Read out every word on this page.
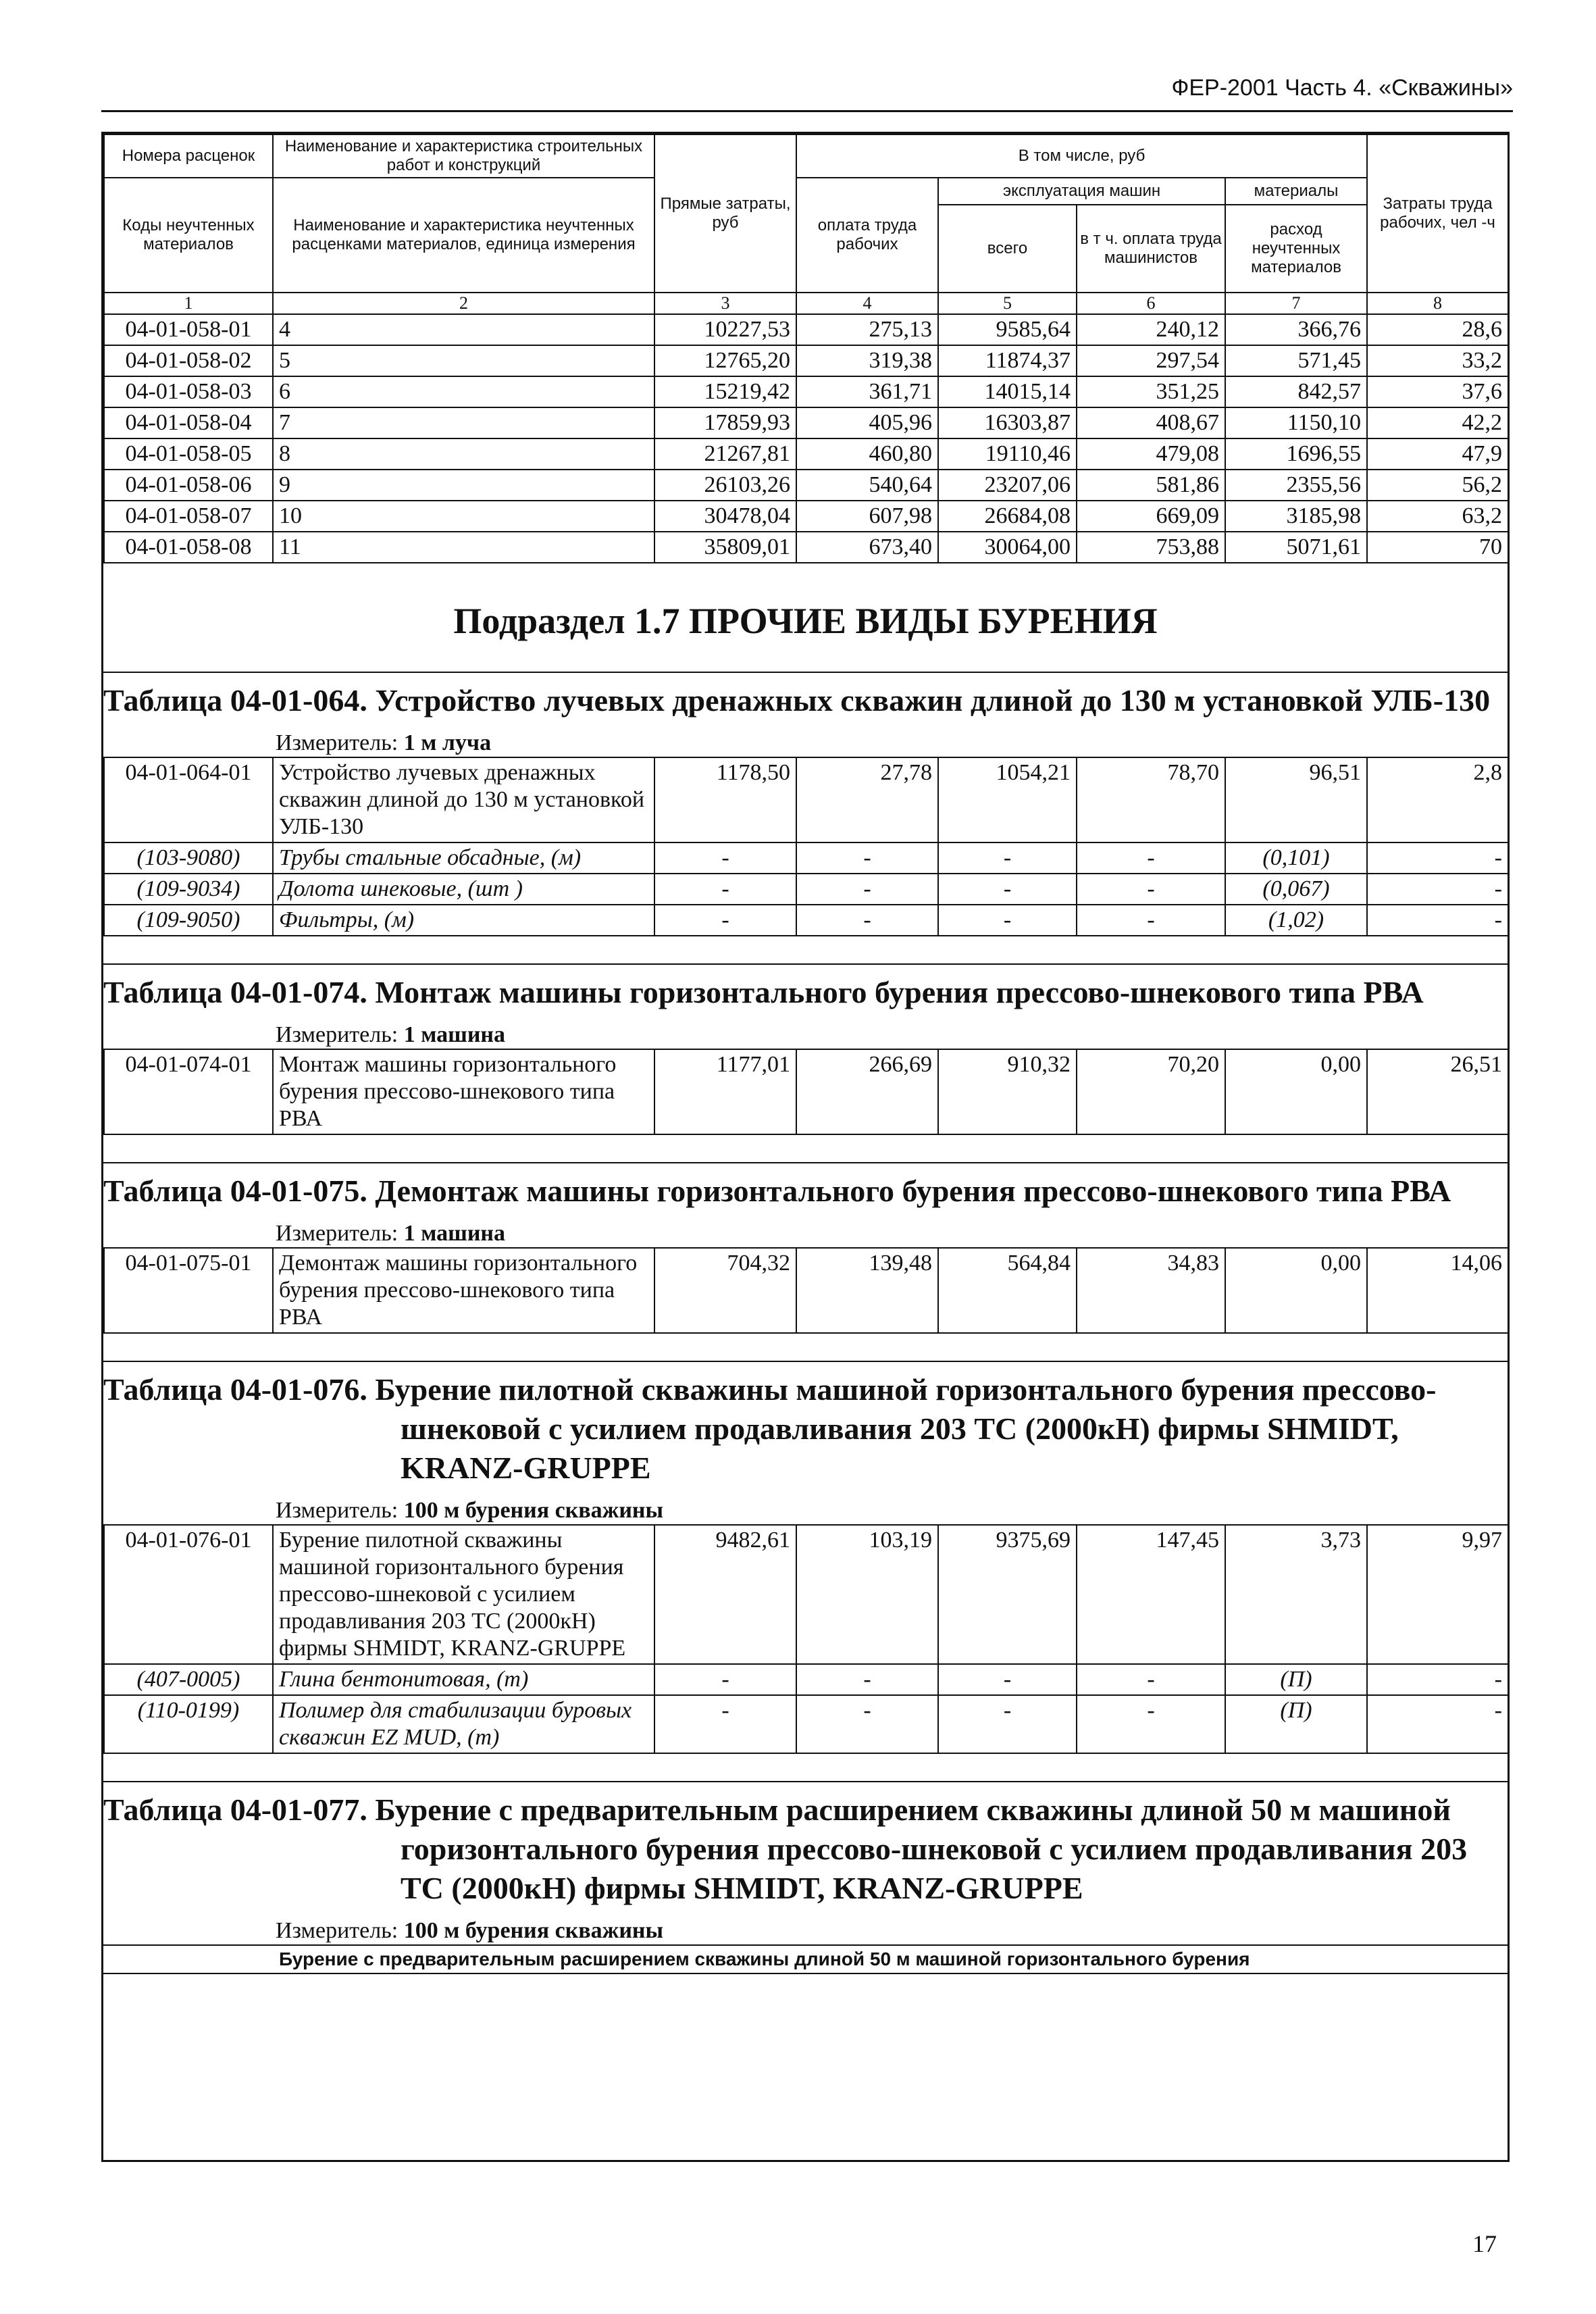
ФЕР-2001 Часть 4. «Скважины»
Номера расценок	Наименование и характеристика строительных работ и конструкций	Прямые затраты, руб	В том числе, руб				Затраты труда рабочих, чел -ч
Коды неучтенных материалов	Наименование и характеристика неучтенных расценками материалов, единица измерения		оплата труда рабочих	эксплуатация машин		материалы	
				всего	в т ч. оплата труда машинистов	расход неучтенных материалов	
1	2	3	4	5	6	7	8
04-01-058-01	4	10227,53	275,13	9585,64	240,12	366,76	28,6
04-01-058-02	5	12765,20	319,38	11874,37	297,54	571,45	33,2
04-01-058-03	6	15219,42	361,71	14015,14	351,25	842,57	37,6
04-01-058-04	7	17859,93	405,96	16303,87	408,67	1150,10	42,2
04-01-058-05	8	21267,81	460,80	19110,46	479,08	1696,55	47,9
04-01-058-06	9	26103,26	540,64	23207,06	581,86	2355,56	56,2
04-01-058-07	10	30478,04	607,98	26684,08	669,09	3185,98	63,2
04-01-058-08	11	35809,01	673,40	30064,00	753,88	5071,61	70
Подраздел 1.7 ПРОЧИЕ ВИДЫ БУРЕНИЯ
Таблица 04-01-064. Устройство лучевых дренажных скважин длиной до 130 м установкой УЛБ-130
Измеритель: 1 м луча
04-01-064-01	Устройство лучевых дренажных скважин длиной до 130 м установкой УЛБ-130	1178,50	27,78	1054,21	78,70	96,51	2,8
(103-9080)	Трубы стальные обсадные, (м)	-	-	-	-	(0,101)	-
(109-9034)	Долота шнековые, (шт )	-	-	-	-	(0,067)	-
(109-9050)	Фильтры, (м)	-	-	-	-	(1,02)	-
Таблица 04-01-074. Монтаж машины горизонтального бурения прессово-шнекового типа РВА
Измеритель: 1 машина
04-01-074-01	Монтаж машины горизонтального бурения прессово-шнекового типа РВА	1177,01	266,69	910,32	70,20	0,00	26,51
Таблица 04-01-075. Демонтаж машины горизонтального бурения прессово-шнекового типа РВА
Измеритель: 1 машина
04-01-075-01	Демонтаж машины горизонтального бурения прессово-шнекового типа РВА	704,32	139,48	564,84	34,83	0,00	14,06
Таблица 04-01-076. Бурение пилотной скважины машиной горизонтального бурения прессово-шнековой с усилием продавливания 203 ТС (2000кН) фирмы SHMIDT, KRANZ-GRUPPE
Измеритель: 100 м бурения скважины
04-01-076-01	Бурение пилотной скважины машиной горизонтального бурения прессово-шнековой с усилием продавливания 203 ТС (2000кН) фирмы SHMIDT, KRANZ-GRUPPE	9482,61	103,19	9375,69	147,45	3,73	9,97
(407-0005)	Глина бентонитовая, (т)	-	-	-	-	(П)	-
(110-0199)	Полимер для стабилизации буровых скважин EZ MUD, (т)	-	-	-	-	(П)	-
Таблица 04-01-077. Бурение с предварительным расширением скважины длиной 50 м машиной горизонтального бурения прессово-шнековой с усилием продавливания 203 ТС (2000кН) фирмы SHMIDT, KRANZ-GRUPPE
Измеритель: 100 м бурения скважины
Бурение с предварительным расширением скважины длиной 50 м машиной горизонтального бурения
17
